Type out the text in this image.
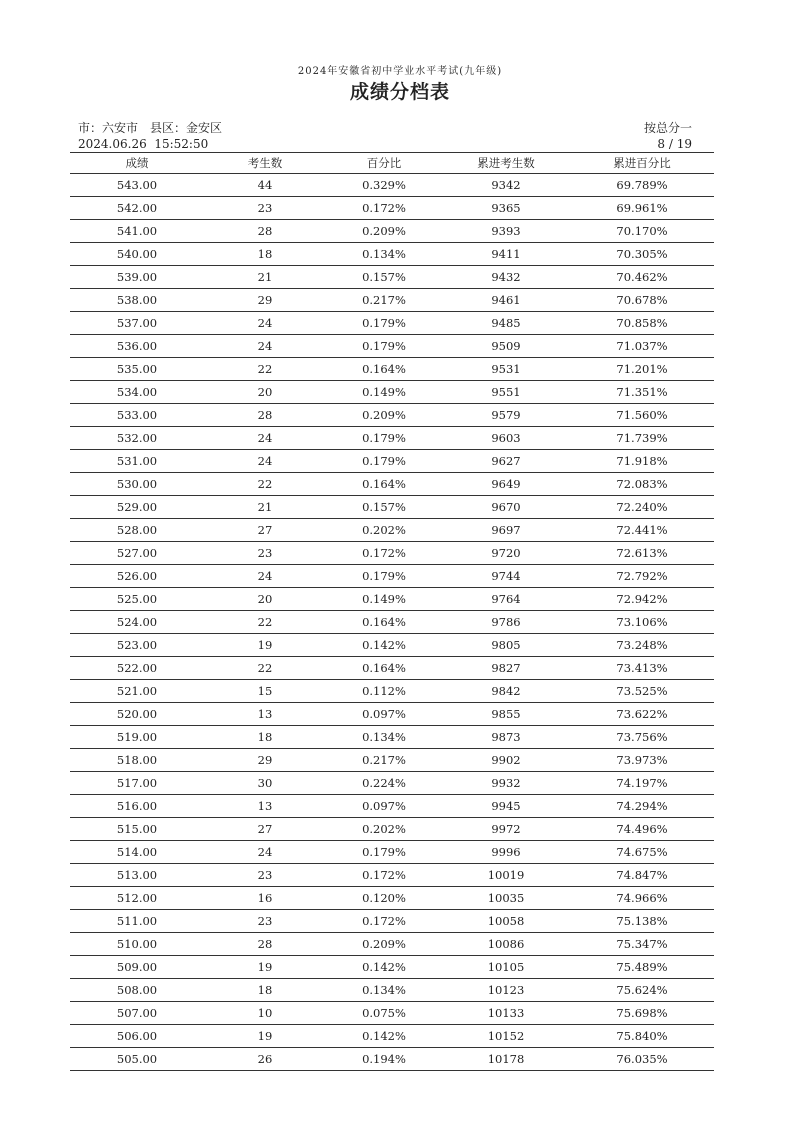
2024年安徽省初中学业水平考试(九年级)
成绩分档表
市：六安市　县区：金安区
2024.06.26  15:52:50
按总分一
8 / 19
成绩	考生数	百分比	累进考生数	累进百分比
543.00	44	0.329%	9342	69.789%
542.00	23	0.172%	9365	69.961%
541.00	28	0.209%	9393	70.170%
540.00	18	0.134%	9411	70.305%
539.00	21	0.157%	9432	70.462%
538.00	29	0.217%	9461	70.678%
537.00	24	0.179%	9485	70.858%
536.00	24	0.179%	9509	71.037%
535.00	22	0.164%	9531	71.201%
534.00	20	0.149%	9551	71.351%
533.00	28	0.209%	9579	71.560%
532.00	24	0.179%	9603	71.739%
531.00	24	0.179%	9627	71.918%
530.00	22	0.164%	9649	72.083%
529.00	21	0.157%	9670	72.240%
528.00	27	0.202%	9697	72.441%
527.00	23	0.172%	9720	72.613%
526.00	24	0.179%	9744	72.792%
525.00	20	0.149%	9764	72.942%
524.00	22	0.164%	9786	73.106%
523.00	19	0.142%	9805	73.248%
522.00	22	0.164%	9827	73.413%
521.00	15	0.112%	9842	73.525%
520.00	13	0.097%	9855	73.622%
519.00	18	0.134%	9873	73.756%
518.00	29	0.217%	9902	73.973%
517.00	30	0.224%	9932	74.197%
516.00	13	0.097%	9945	74.294%
515.00	27	0.202%	9972	74.496%
514.00	24	0.179%	9996	74.675%
513.00	23	0.172%	10019	74.847%
512.00	16	0.120%	10035	74.966%
511.00	23	0.172%	10058	75.138%
510.00	28	0.209%	10086	75.347%
509.00	19	0.142%	10105	75.489%
508.00	18	0.134%	10123	75.624%
507.00	10	0.075%	10133	75.698%
506.00	19	0.142%	10152	75.840%
505.00	26	0.194%	10178	76.035%
